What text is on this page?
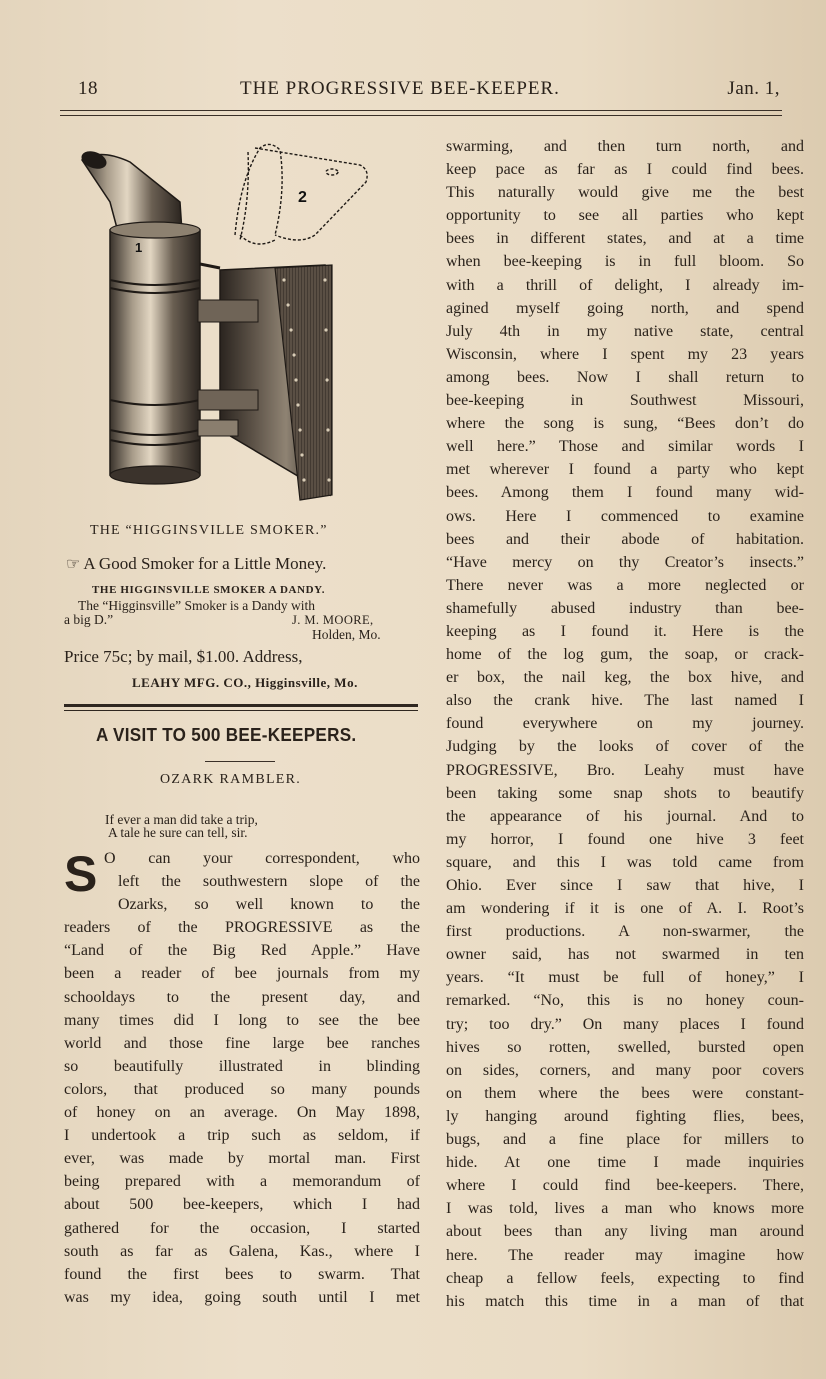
18	THE PROGRESSIVE BEE-KEEPER.	Jan. 1,
1
2
THE “HIGGINSVILLE SMOKER.”
☞ A Good Smoker for a Little Money.
THE HIGGINSVILLE SMOKER A DANDY.
The “Higginsville” Smoker is a Dandy with
a big D.”	J. M. MOORE,
Holden, Mo.
Price 75c; by mail, $1.00. Address,
LEAHY MFG. CO., Higginsville, Mo.
A VISIT TO 500 BEE-KEEPERS.
OZARK RAMBLER.
If ever a man did take a trip,
A tale he sure can tell, sir.
S O can your correspondent, who
left the southwestern slope of the
Ozarks, so well known to the
readers of the PROGRESSIVE as the
“Land of the Big Red Apple.” Have
been a reader of bee journals from my
schooldays to the present day, and
many times did I long to see the bee
world and those fine large bee ranches
so beautifully illustrated in blinding
colors, that produced so many pounds
of honey on an average. On May 1898,
I undertook a trip such as seldom, if
ever, was made by mortal man. First
being prepared with a memorandum of
about 500 bee-keepers, which I had
gathered for the occasion, I started
south as far as Galena, Kas., where I
found the first bees to swarm. That
was my idea, going south until I met
swarming, and then turn north, and
keep pace as far as I could find bees.
This naturally would give me the best
opportunity to see all parties who kept
bees in different states, and at a time
when bee-keeping is in full bloom. So
with a thrill of delight, I already im-
agined myself going north, and spend
July 4th in my native state, central
Wisconsin, where I spent my 23 years
among bees. Now I shall return to
bee-keeping in Southwest Missouri,
where the song is sung, “Bees don’t do
well here.” Those and similar words I
met wherever I found a party who kept
bees. Among them I found many wid-
ows. Here I commenced to examine
bees and their abode of habitation.
“Have mercy on thy Creator’s insects.”
There never was a more neglected or
shamefully abused industry than bee-
keeping as I found it. Here is the
home of the log gum, the soap, or crack-
er box, the nail keg, the box hive, and
also the crank hive. The last named I
found everywhere on my journey.
Judging by the looks of cover of the
PROGRESSIVE, Bro. Leahy must have
been taking some snap shots to beautify
the appearance of his journal. And to
my horror, I found one hive 3 feet
square, and this I was told came from
Ohio. Ever since I saw that hive, I
am wondering if it is one of A. I. Root’s
first productions. A non-swarmer, the
owner said, has not swarmed in ten
years. “It must be full of honey,” I
remarked. “No, this is no honey coun-
try; too dry.” On many places I found
hives so rotten, swelled, bursted open
on sides, corners, and many poor covers
on them where the bees were constant-
ly hanging around fighting flies, bees,
bugs, and a fine place for millers to
hide. At one time I made inquiries
where I could find bee-keepers. There,
I was told, lives a man who knows more
about bees than any living man around
here. The reader may imagine how
cheap a fellow feels, expecting to find
his match this time in a man of that
